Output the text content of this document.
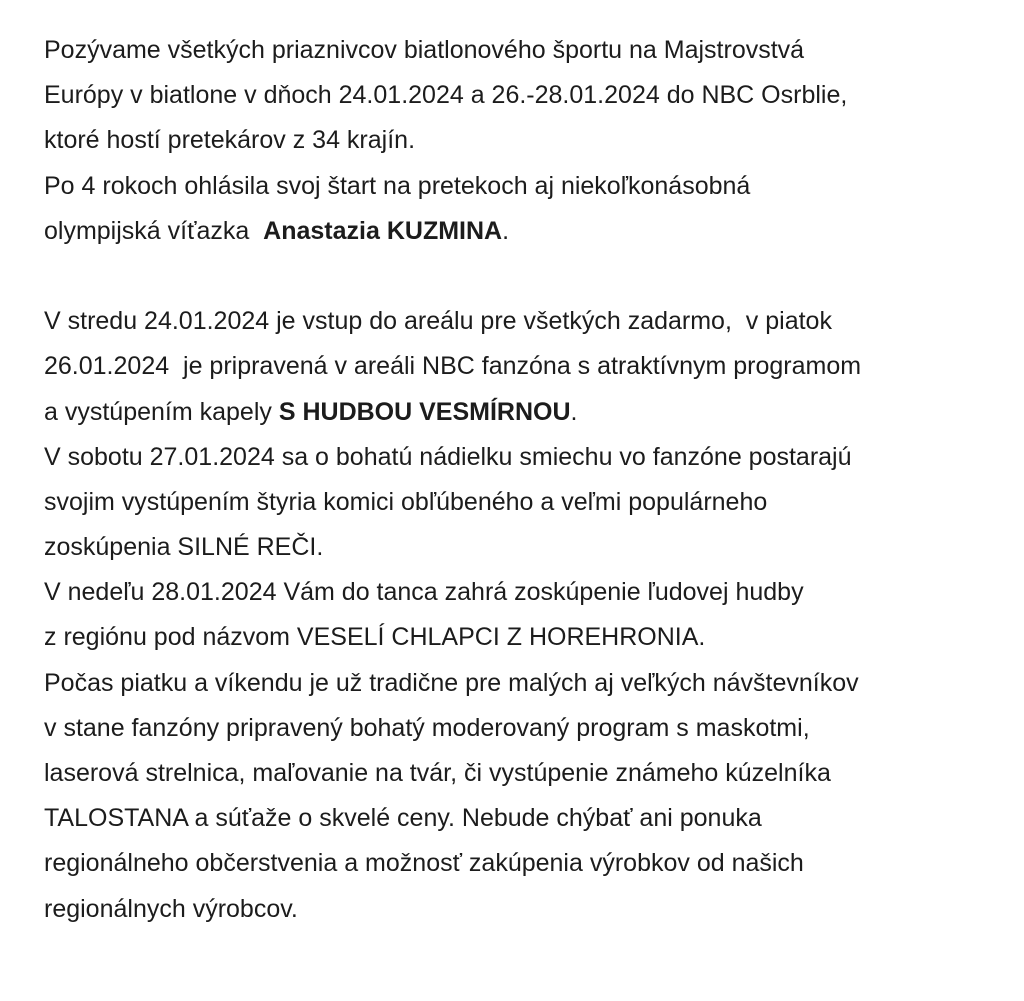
Pozývame všetkých priaznivcov biatlonového športu na Majstrovstvá
Európy v biatlone v dňoch 24.01.2024 a 26.-28.01.2024 do NBC Osrblie,
ktoré hostí pretekárov z 34 krajín.
Po 4 rokoch ohlásila svoj štart na pretekoch aj niekoľkonásobná
olympijská víťazka  Anastazia KUZMINA.
V stredu 24.01.2024 je vstup do areálu pre všetkých zadarmo,  v piatok
26.01.2024  je pripravená v areáli NBC fanzóna s atraktívnym programom
a vystúpením kapely S HUDBOU VESMÍRNOU.
V sobotu 27.01.2024 sa o bohatú nádielku smiechu vo fanzóne postarajú
svojim vystúpením štyria komici obľúbeného a veľmi populárneho
zoskúpenia SILNÉ REČI.
V nedeľu 28.01.2024 Vám do tanca zahrá zoskúpenie ľudovej hudby
z regiónu pod názvom VESELÍ CHLAPCI Z HOREHRONIA.
Počas piatku a víkendu je už tradične pre malých aj veľkých návštevníkov
v stane fanzóny pripravený bohatý moderovaný program s maskotmi,
laserová strelnica, maľovanie na tvár, či vystúpenie známeho kúzelníka
TALOSTANA a súťaže o skvelé ceny. Nebude chýbať ani ponuka
regionálneho občerstvenia a možnosť zakúpenia výrobkov od našich
regionálnych výrobcov.
